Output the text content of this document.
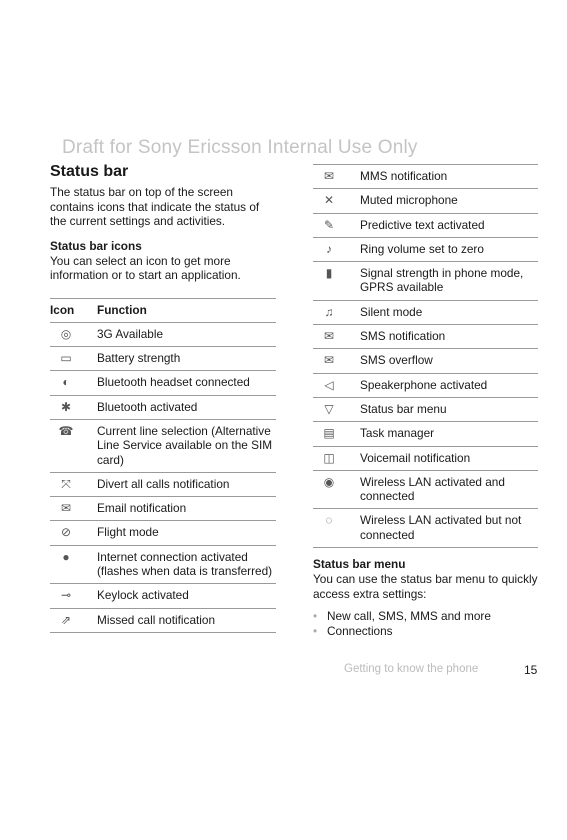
Draft for Sony Ericsson Internal Use Only
Status bar

The status bar on top of the screen contains icons that indicate the status of the current settings and activities.

Status bar icons

You can select an icon to get more information or to start an application.

Icon	Function
◎	3G Available
▭	Battery strength
◐	Bluetooth headset connected
✱	Bluetooth activated
☎	Current line selection (Alternative Line Service available on the SIM card)
⤧	Divert all calls notification
✉	Email notification
⊘	Flight mode
●	Internet connection activated (flashes when data is transferred)
⊸	Keylock activated
⇗	Missed call notification
✉	MMS notification
✕	Muted microphone
✎	Predictive text activated
♪	Ring volume set to zero
▮	Signal strength in phone mode, GPRS available
♫	Silent mode
✉	SMS notification
✉	SMS overflow
◁	Speakerphone activated
▽	Status bar menu
▤	Task manager
◫	Voicemail notification
◉	Wireless LAN activated and connected
◌	Wireless LAN activated but not connected
Status bar menu

You can use the status bar menu to quickly access extra settings:

• New call, SMS, MMS and more
• Connections
Getting to know the phone	15
